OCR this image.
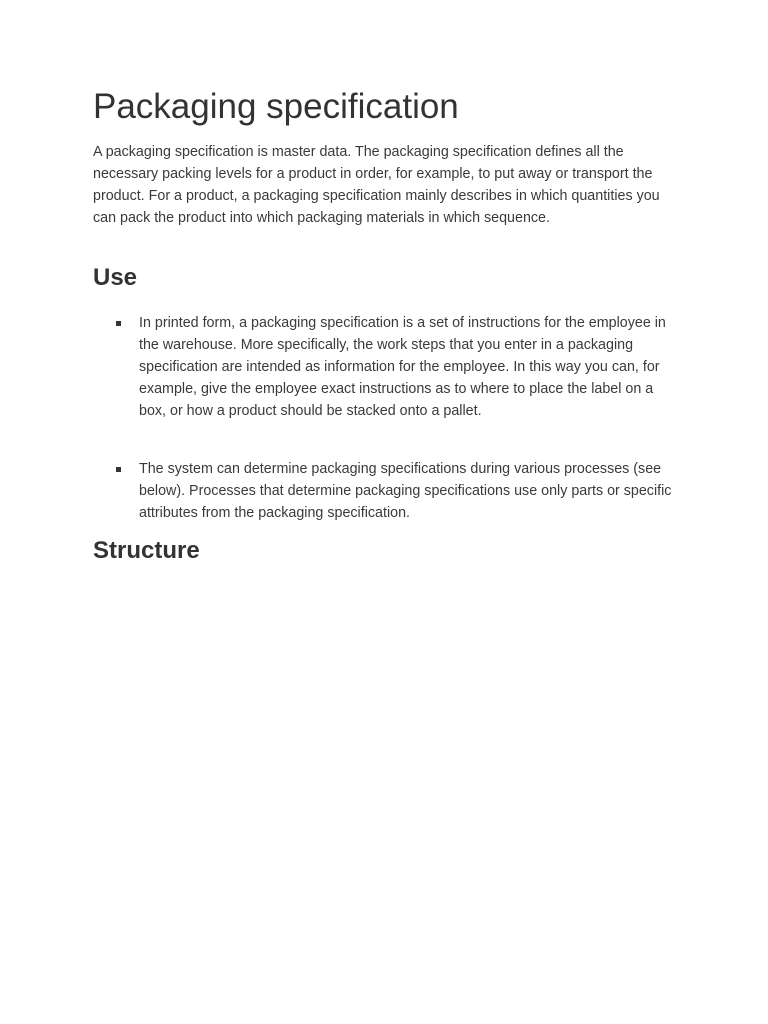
Packaging specification

A packaging specification is master data. The packaging specification defines all the necessary packing levels for a product in order, for example, to put away or transport the product. For a product, a packaging specification mainly describes in which quantities you can pack the product into which packaging materials in which sequence.

Use

In printed form, a packaging specification is a set of instructions for the employee in the warehouse. More specifically, the work steps that you enter in a packaging specification are intended as information for the employee. In this way you can, for example, give the employee exact instructions as to where to place the label on a box, or how a product should be stacked onto a pallet.

The system can determine packaging specifications during various processes (see below). Processes that determine packaging specifications use only parts or specific attributes from the packaging specification.

Structure
